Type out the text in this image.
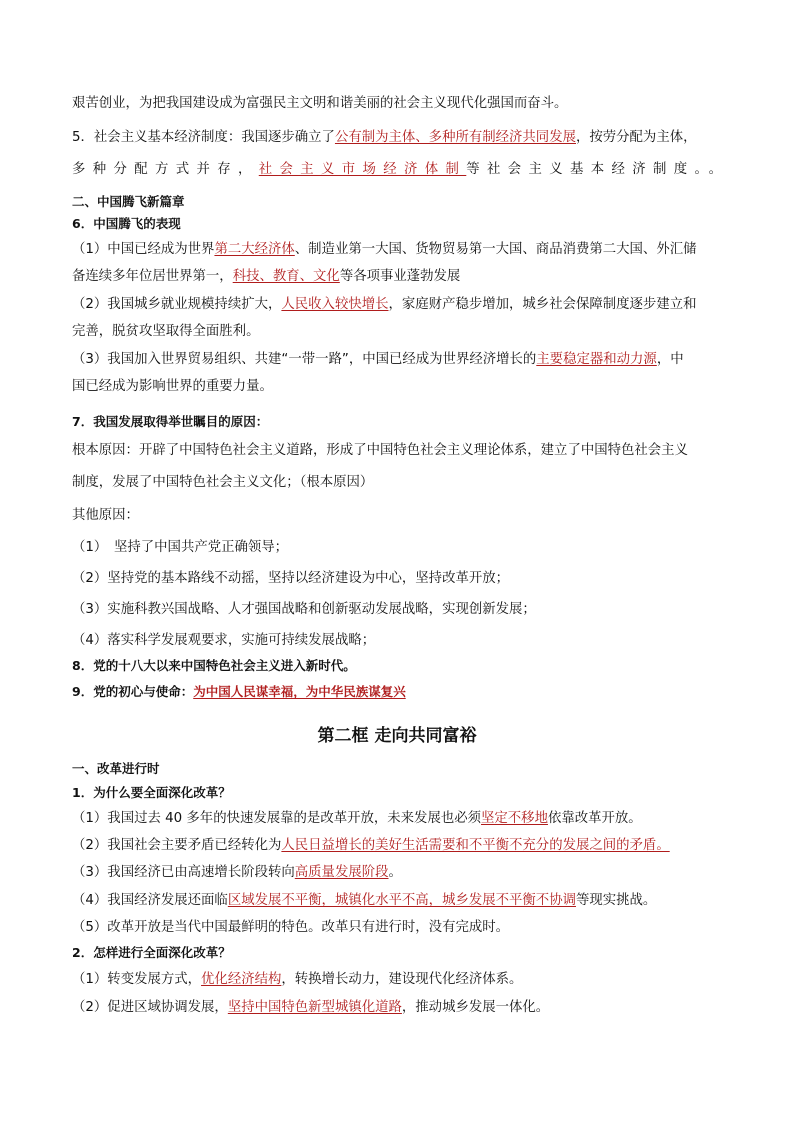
艰苦创业，为把我国建设成为富强民主文明和谐美丽的社会主义现代化强国而奋斗。
5．社会主义基本经济制度：我国逐步确立了公有制为主体、多种所有制经济共同发展，按劳分配为主体，
多种分配方式并存，社会主义市场经济体制等社会主义基本经济制度。。
二、中国腾飞新篇章
6．中国腾飞的表现
（1）中国已经成为世界第二大经济体、制造业第一大国、货物贸易第一大国、商品消费第二大国、外汇储
备连续多年位居世界第一，科技、教育、文化等各项事业蓬勃发展
（2）我国城乡就业规模持续扩大，人民收入较快增长，家庭财产稳步增加，城乡社会保障制度逐步建立和
完善，脱贫攻坚取得全面胜利。
（3）我国加入世界贸易组织、共建“一带一路”，中国已经成为世界经济增长的主要稳定器和动力源，中
国已经成为影响世界的重要力量。
7．我国发展取得举世瞩目的原因：
根本原因：开辟了中国特色社会主义道路，形成了中国特色社会主义理论体系，建立了中国特色社会主义
制度，发展了中国特色社会主义文化；（根本原因）
其他原因：
（1）　坚持了中国共产党正确领导；
（2）坚持党的基本路线不动摇，坚持以经济建设为中心，坚持改革开放；
（3）实施科教兴国战略、人才强国战略和创新驱动发展战略，实现创新发展；
（4）落实科学发展观要求，实施可持续发展战略；
8．党的十八大以来中国特色社会主义进入新时代。
9．党的初心与使命：为中国人民谋幸福，为中华民族谋复兴
第二框 走向共同富裕
一、改革进行时
1．为什么要全面深化改革？
（1）我国过去 40 多年的快速发展靠的是改革开放，未来发展也必须坚定不移地依靠改革开放。
（2）我国社会主要矛盾已经转化为人民日益增长的美好生活需要和不平衡不充分的发展之间的矛盾。
（3）我国经济已由高速增长阶段转向高质量发展阶段。
（4）我国经济发展还面临区域发展不平衡，城镇化水平不高，城乡发展不平衡不协调等现实挑战。
（5）改革开放是当代中国最鲜明的特色。改革只有进行时，没有完成时。
2．怎样进行全面深化改革？
（1）转变发展方式，优化经济结构，转换增长动力，建设现代化经济体系。
（2）促进区域协调发展，坚持中国特色新型城镇化道路，推动城乡发展一体化。
